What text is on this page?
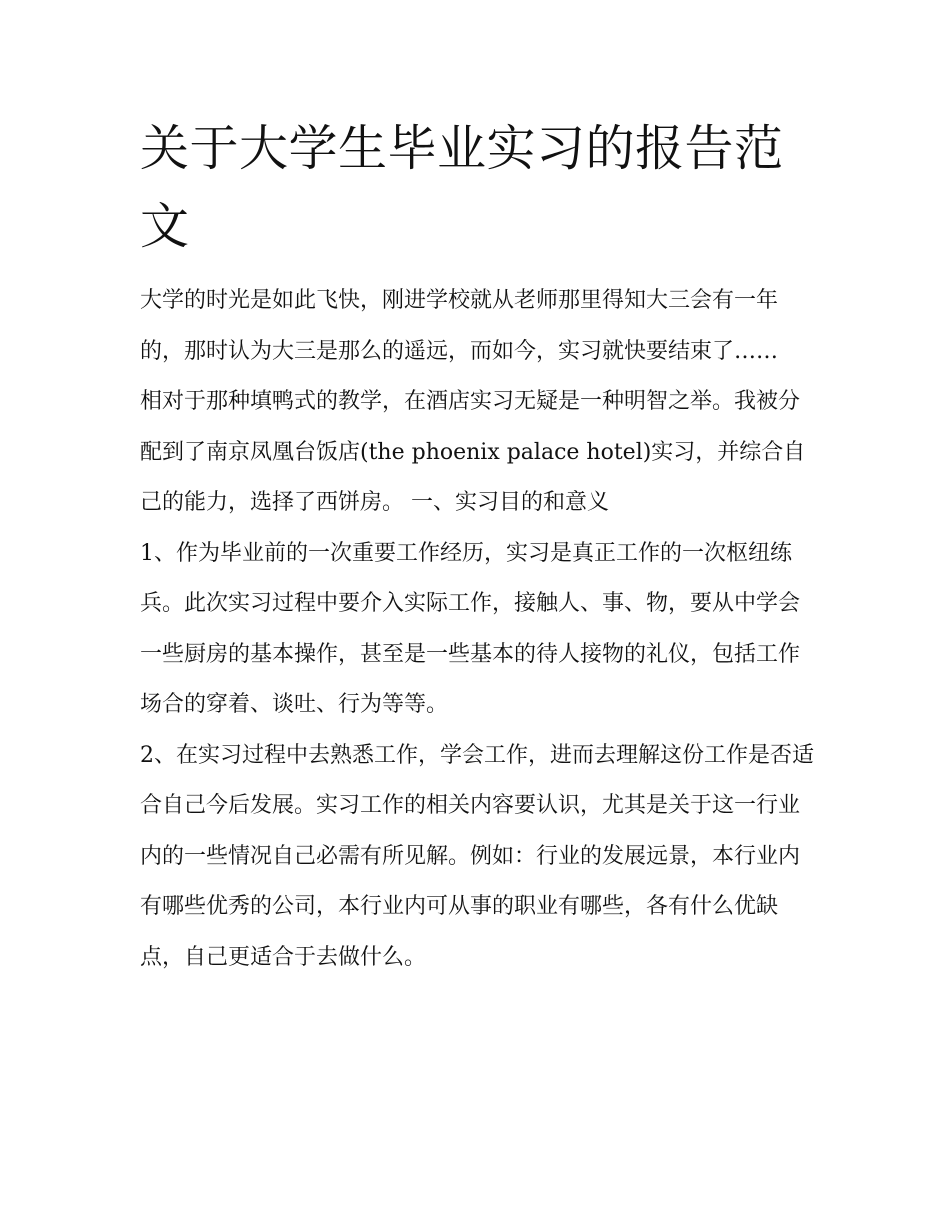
关于大学生毕业实习的报告范文

大学的时光是如此飞快，刚进学校就从老师那里得知大三会有一年的，那时认为大三是那么的遥远，而如今，实习就快要结束了……

相对于那种填鸭式的教学，在酒店实习无疑是一种明智之举。我被分配到了南京凤凰台饭店(the phoenix palace hotel)实习，并综合自己的能力，选择了西饼房。 一、实习目的和意义

1、作为毕业前的一次重要工作经历，实习是真正工作的一次枢纽练兵。此次实习过程中要介入实际工作，接触人、事、物，要从中学会一些厨房的基本操作，甚至是一些基本的待人接物的礼仪，包括工作场合的穿着、谈吐、行为等等。

2、在实习过程中去熟悉工作，学会工作，进而去理解这份工作是否适合自己今后发展。实习工作的相关内容要认识，尤其是关于这一行业内的一些情况自己必需有所见解。例如：行业的发展远景，本行业内有哪些优秀的公司，本行业内可从事的职业有哪些，各有什么优缺点，自己更适合于去做什么。
